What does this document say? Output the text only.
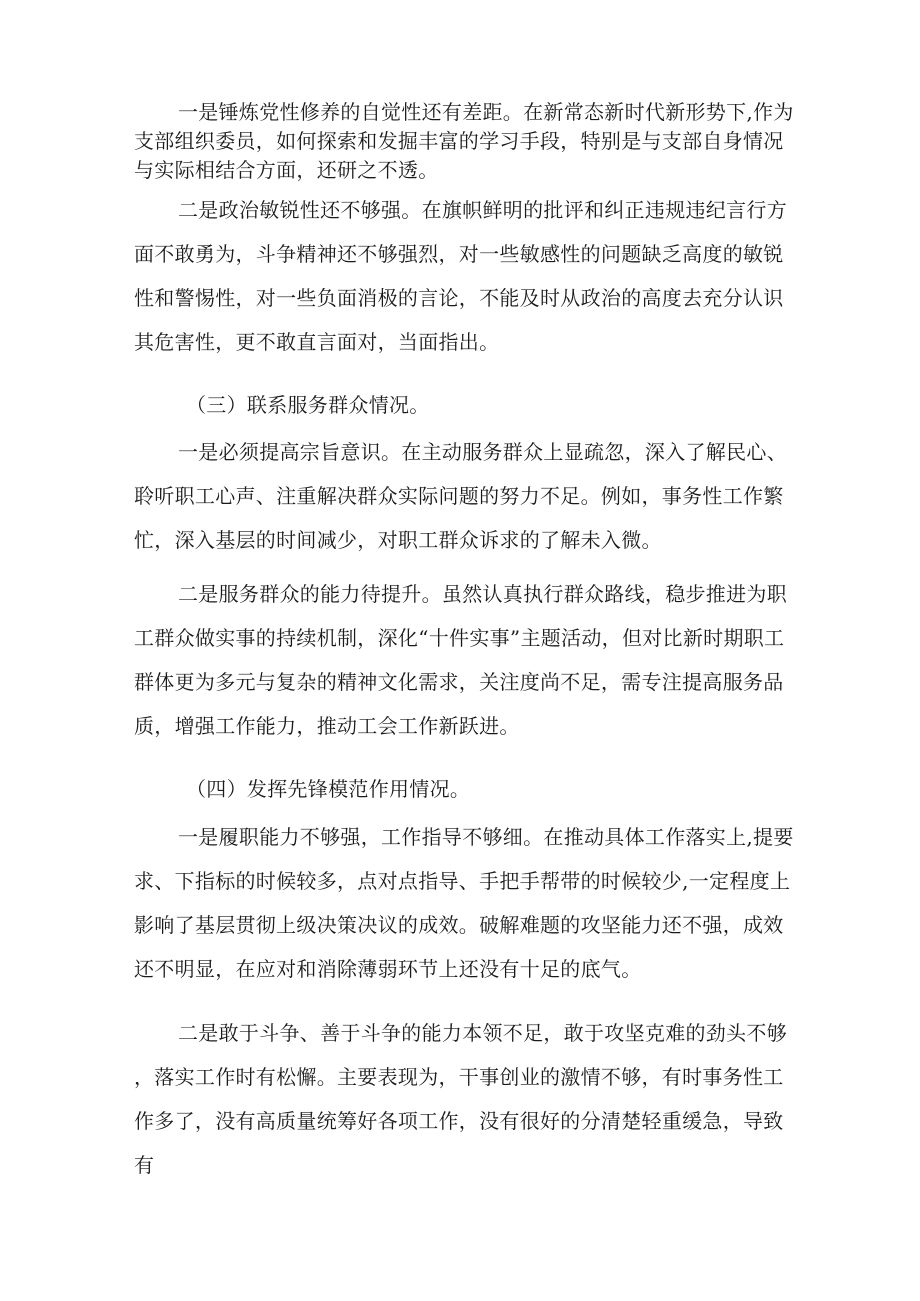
一是锤炼党性修养的自觉性还有差距。在新常态新时代新形势下,作为支部组织委员，如何探索和发掘丰富的学习手段，特别是与支部自身情况与实际相结合方面，还研之不透。

二是政治敏锐性还不够强。在旗帜鲜明的批评和纠正违规违纪言行方面不敢勇为，斗争精神还不够强烈，对一些敏感性的问题缺乏高度的敏锐性和警惕性，对一些负面消极的言论，不能及时从政治的高度去充分认识其危害性，更不敢直言面对，当面指出。

（三）联系服务群众情况。

一是必须提高宗旨意识。在主动服务群众上显疏忽，深入了解民心、聆听职工心声、注重解决群众实际问题的努力不足。例如，事务性工作繁忙，深入基层的时间减少，对职工群众诉求的了解未入微。

二是服务群众的能力待提升。虽然认真执行群众路线，稳步推进为职工群众做实事的持续机制，深化“十件实事”主题活动，但对比新时期职工群体更为多元与复杂的精神文化需求，关注度尚不足，需专注提高服务品质，增强工作能力，推动工会工作新跃进。

（四）发挥先锋模范作用情况。

一是履职能力不够强，工作指导不够细。在推动具体工作落实上,提要求、下指标的时候较多，点对点指导、手把手帮带的时候较少,一定程度上影响了基层贯彻上级决策决议的成效。破解难题的攻坚能力还不强，成效还不明显，在应对和消除薄弱环节上还没有十足的底气。

二是敢于斗争、善于斗争的能力本领不足，敢于攻坚克难的劲头不够，落实工作时有松懈。主要表现为，干事创业的激情不够，有时事务性工作多了，没有高质量统筹好各项工作，没有很好的分清楚轻重缓急，导致有
